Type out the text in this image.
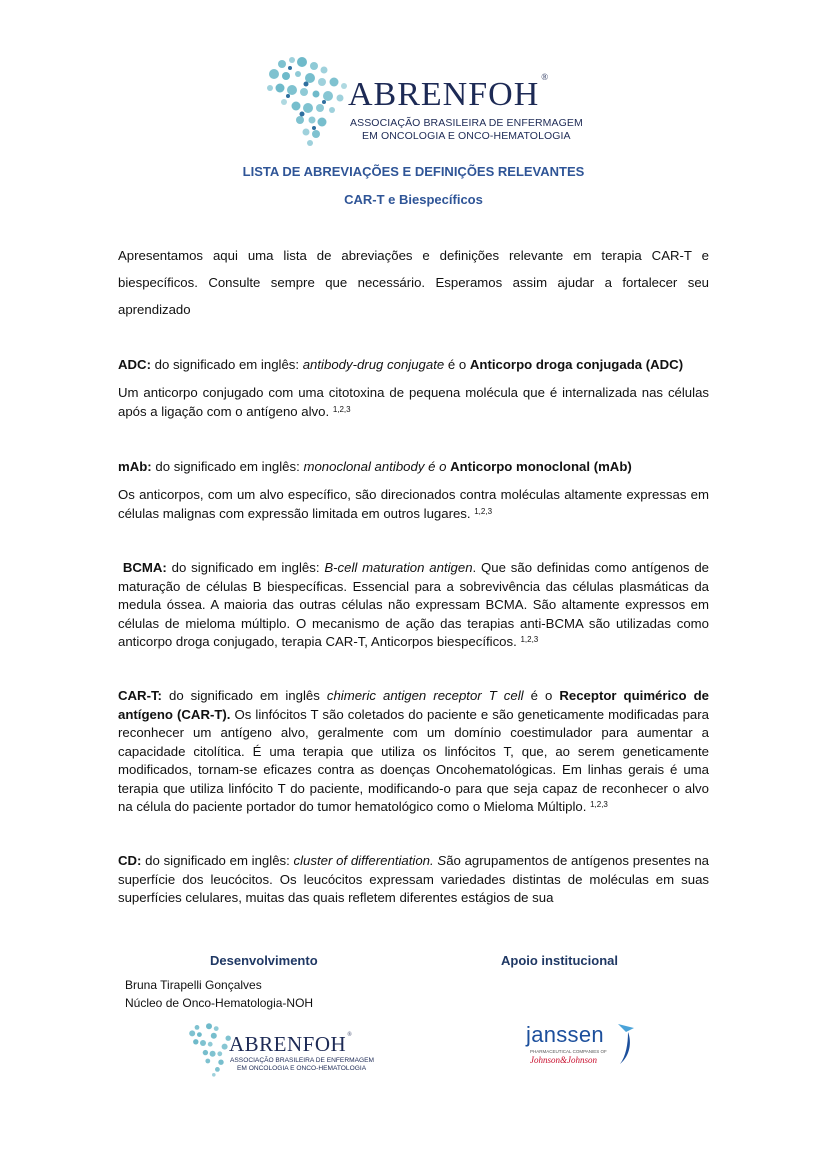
ABRENFOH ®
ASSOCIAÇÃO BRASILEIRA DE ENFERMAGEM
EM ONCOLOGIA E ONCO-HEMATOLOGIA
LISTA DE ABREVIAÇÕES E DEFINIÇÕES RELEVANTES
CAR-T e Biespecíficos
Apresentamos aqui uma lista de abreviações e definições relevante em terapia CAR-T e biespecíficos. Consulte sempre que necessário. Esperamos assim ajudar a fortalecer seu aprendizado
ADC: do significado em inglês: antibody-drug conjugate é o Anticorpo droga conjugada (ADC)
Um anticorpo conjugado com uma citotoxina de pequena molécula que é internalizada nas células após a ligação com o antígeno alvo. $^{1,2,3}$
mAb: do significado em inglês: monoclonal antibody é o Anticorpo monoclonal (mAb)
Os anticorpos, com um alvo específico, são direcionados contra moléculas altamente expressas em células malignas com expressão limitada em outros lugares. $^{1,2,3}$
BCMA: do significado em inglês: B-cell maturation antigen. Que são definidas como antígenos de maturação de células B biespecíficas. Essencial para a sobrevivência das células plasmáticas da medula óssea. A maioria das outras células não expressam BCMA. São altamente expressos em células de mieloma múltiplo. O mecanismo de ação das terapias anti-BCMA são utilizadas como anticorpo droga conjugado, terapia CAR-T, Anticorpos biespecíficos. $^{1,2,3}$
CAR-T: do significado em inglês chimeric antigen receptor T cell é o Receptor quimérico de antígeno (CAR-T). Os linfócitos T são coletados do paciente e são geneticamente modificadas para reconhecer um antígeno alvo, geralmente com um domínio coestimulador para aumentar a capacidade citolítica. É uma terapia que utiliza os linfócitos T, que, ao serem geneticamente modificados, tornam-se eficazes contra as doenças Oncohematológicas. Em linhas gerais é uma terapia que utiliza linfócito T do paciente, modificando-o para que seja capaz de reconhecer o alvo na célula do paciente portador do tumor hematológico como o Mieloma Múltiplo. $^{1,2,3}$
CD: do significado em inglês: cluster of differentiation. São agrupamentos de antígenos presentes na superfície dos leucócitos. Os leucócitos expressam variedades distintas de moléculas em suas superfícies celulares, muitas das quais refletem diferentes estágios de sua
Desenvolvimento	Apoio institucional
Bruna Tirapelli Gonçalves
Núcleo de Onco-Hematologia-NOH
ABRENFOH®
ASSOCIAÇÃO BRASILEIRA DE ENFERMAGEM
EM ONCOLOGIA E ONCO-HEMATOLOGIA
janssen
PHARMACEUTICAL COMPANIES OF
Johnson&Johnson
